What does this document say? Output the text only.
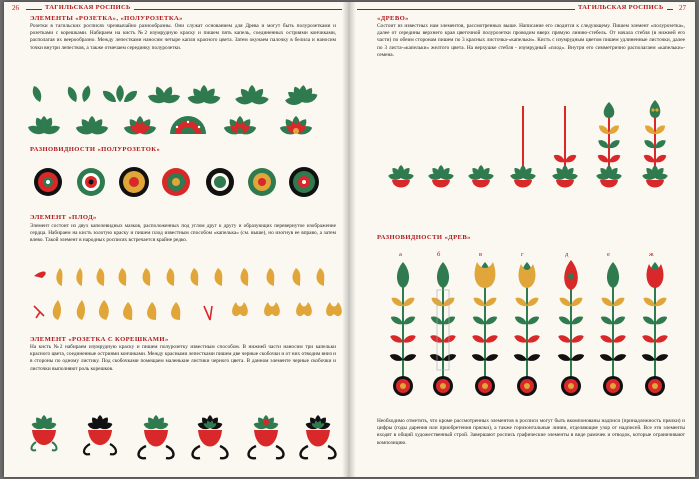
26	ТАГИЛЬСКАЯ РОСПИСЬ
ЭЛЕМЕНТЫ «РОЗЕТКА», «ПОЛУРОЗЕТКА»
Розетки в тагильских росписях чрезвычайно разнообразны. Они служат основанием для Древа и могут быть полурозетками и розетками с корешками. Набираем на кисть №2 изумрудную краску и пишем пять капель, соединенных остриями кончиками, располагая их веерообразно. Между лепестками наносим четыре капли красного цвета. Затем окунаем палочку в белила и наносим точки внутри лепестков, а также отмечаем серединку полурозетки.
РАЗНОВИДНОСТИ «ПОЛУРОЗЕТОК»
ЭЛЕМЕНТ «ПЛОД»
Элемент состоит из двух капелевидных мазков, расположенных под углом друг к другу и образующих перевернутое изображение сердца. Набираем на кисть золотую краску и пишем плод известным способом «капелька» (см. выше), но изогнув ее вправо, а затем влево. Такой элемент в народных росписях встречается крайне редко.
ЭЛЕМЕНТ «РОЗЕТКА С КОРЕШКАМИ»
На кисть №2 набираем изумрудную краску и пишем полурозетку известным способом. В нижней части наносим три капельки красного цвета, соединенные остриями кончиками. Между красными лепестками пишем две черные скобочки и от них отводим вниз и в стороны по одному листику. Под скобочками помещаем маленькие листики черного цвета. В данном элементе черные скобочки и листочки выполняют роль корешков.
ТАГИЛЬСКАЯ РОСПИСЬ	27
«ДРЕВО»
Состоит из известных нам элементов, рассмотренных выше. Написание его сводится к следующему. Пишем элемент «полурозетка», далее от середины верхнего края цветочной полурозетки проводим вверх прямую линию-стебель. От начала стебля (в нижней его части) по обеим сторонам пишем по 3 красных листочка-«капельки». Кисть с изумрудным цветом пишем удлиненные листочки, далее по 3 листа-«капельки» желтого цвета. На верхушке стебля - изумрудный «плод». Внутри его симметрично располагаем «капельки»-семена.
РАЗНОВИДНОСТИ «ДРЕВ»
а	б	в	г	д	е	ж
Необходимо отметить, что кроме рассмотренных элементов в росписи могут быть вкомпонованы надписи (принадлежность прялки) и цифры (годы дарения или приобретения прялки), а также горизонтальные линии, отделяющие узор от надписей. Все эти элементы входят в общий художественный строй. Завершают роспись графические элементы в виде рамочек и отводок, которые ограничивают композицию.
